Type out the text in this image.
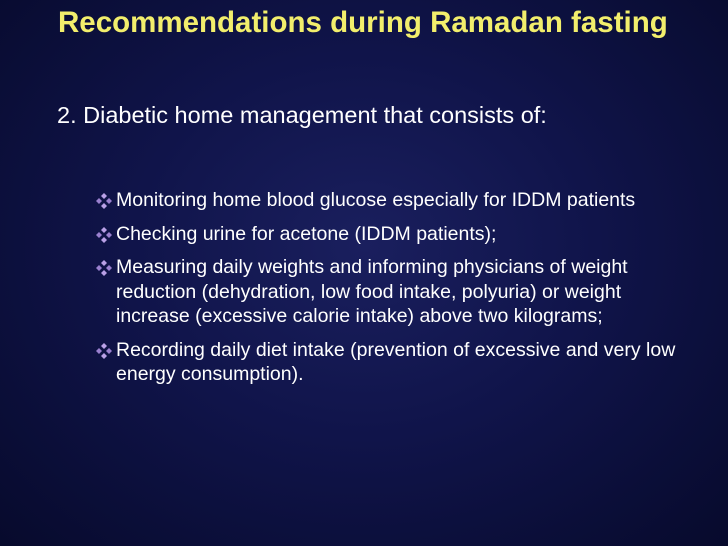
Recommendations during Ramadan fasting

2. Diabetic home management that consists of:

Monitoring home blood glucose especially for IDDM patients
Checking urine for acetone (IDDM patients);
Measuring daily weights and informing physicians of weight reduction (dehydration, low food intake, polyuria) or weight increase (excessive calorie intake) above two kilograms;
Recording daily diet intake (prevention of excessive and very low energy consumption).
